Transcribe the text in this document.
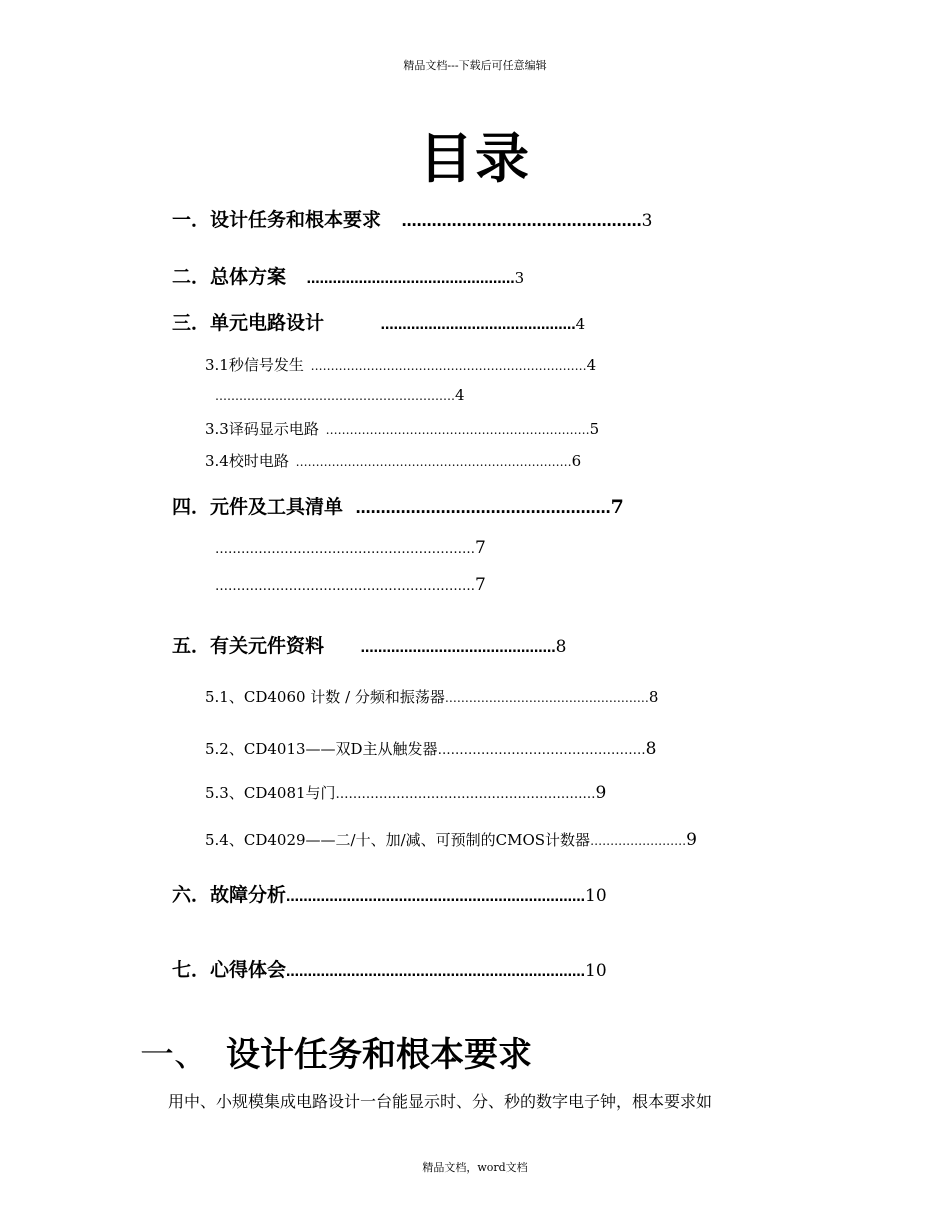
精品文档---下载后可任意编辑
目录
一．设计任务和根本要求 …………………………………………3
二．总体方案 …………………………………………3
三．单元电路设计	………………………………………4
3.1秒信号发生 ……………………………………………………………4
……………………………………………………4
3.3译码显示电路 …………………………………………………………5
3.4校时电路 ……………………………………………………………6
四．元件及工具清单 ……………………………………………7
……………………………………………………7
……………………………………………………7
五．有关元件资料	………………………………………8
5.1、CD4060 计数 / 分频和振荡器……………………………………………8
5.2、CD4013——双D主从触发器…………………………………………8
5.3、CD4081与门……………………………………………………9
5.4、CD4029——二/十、加/减、可预制的CMOS计数器……………………9
六．故障分析……………………………………………………………10
七．心得体会……………………………………………………………10
一、 设计任务和根本要求
用中、小规模集成电路设计一台能显示时、分、秒的数字电子钟，根本要求如
精品文档，word文档
